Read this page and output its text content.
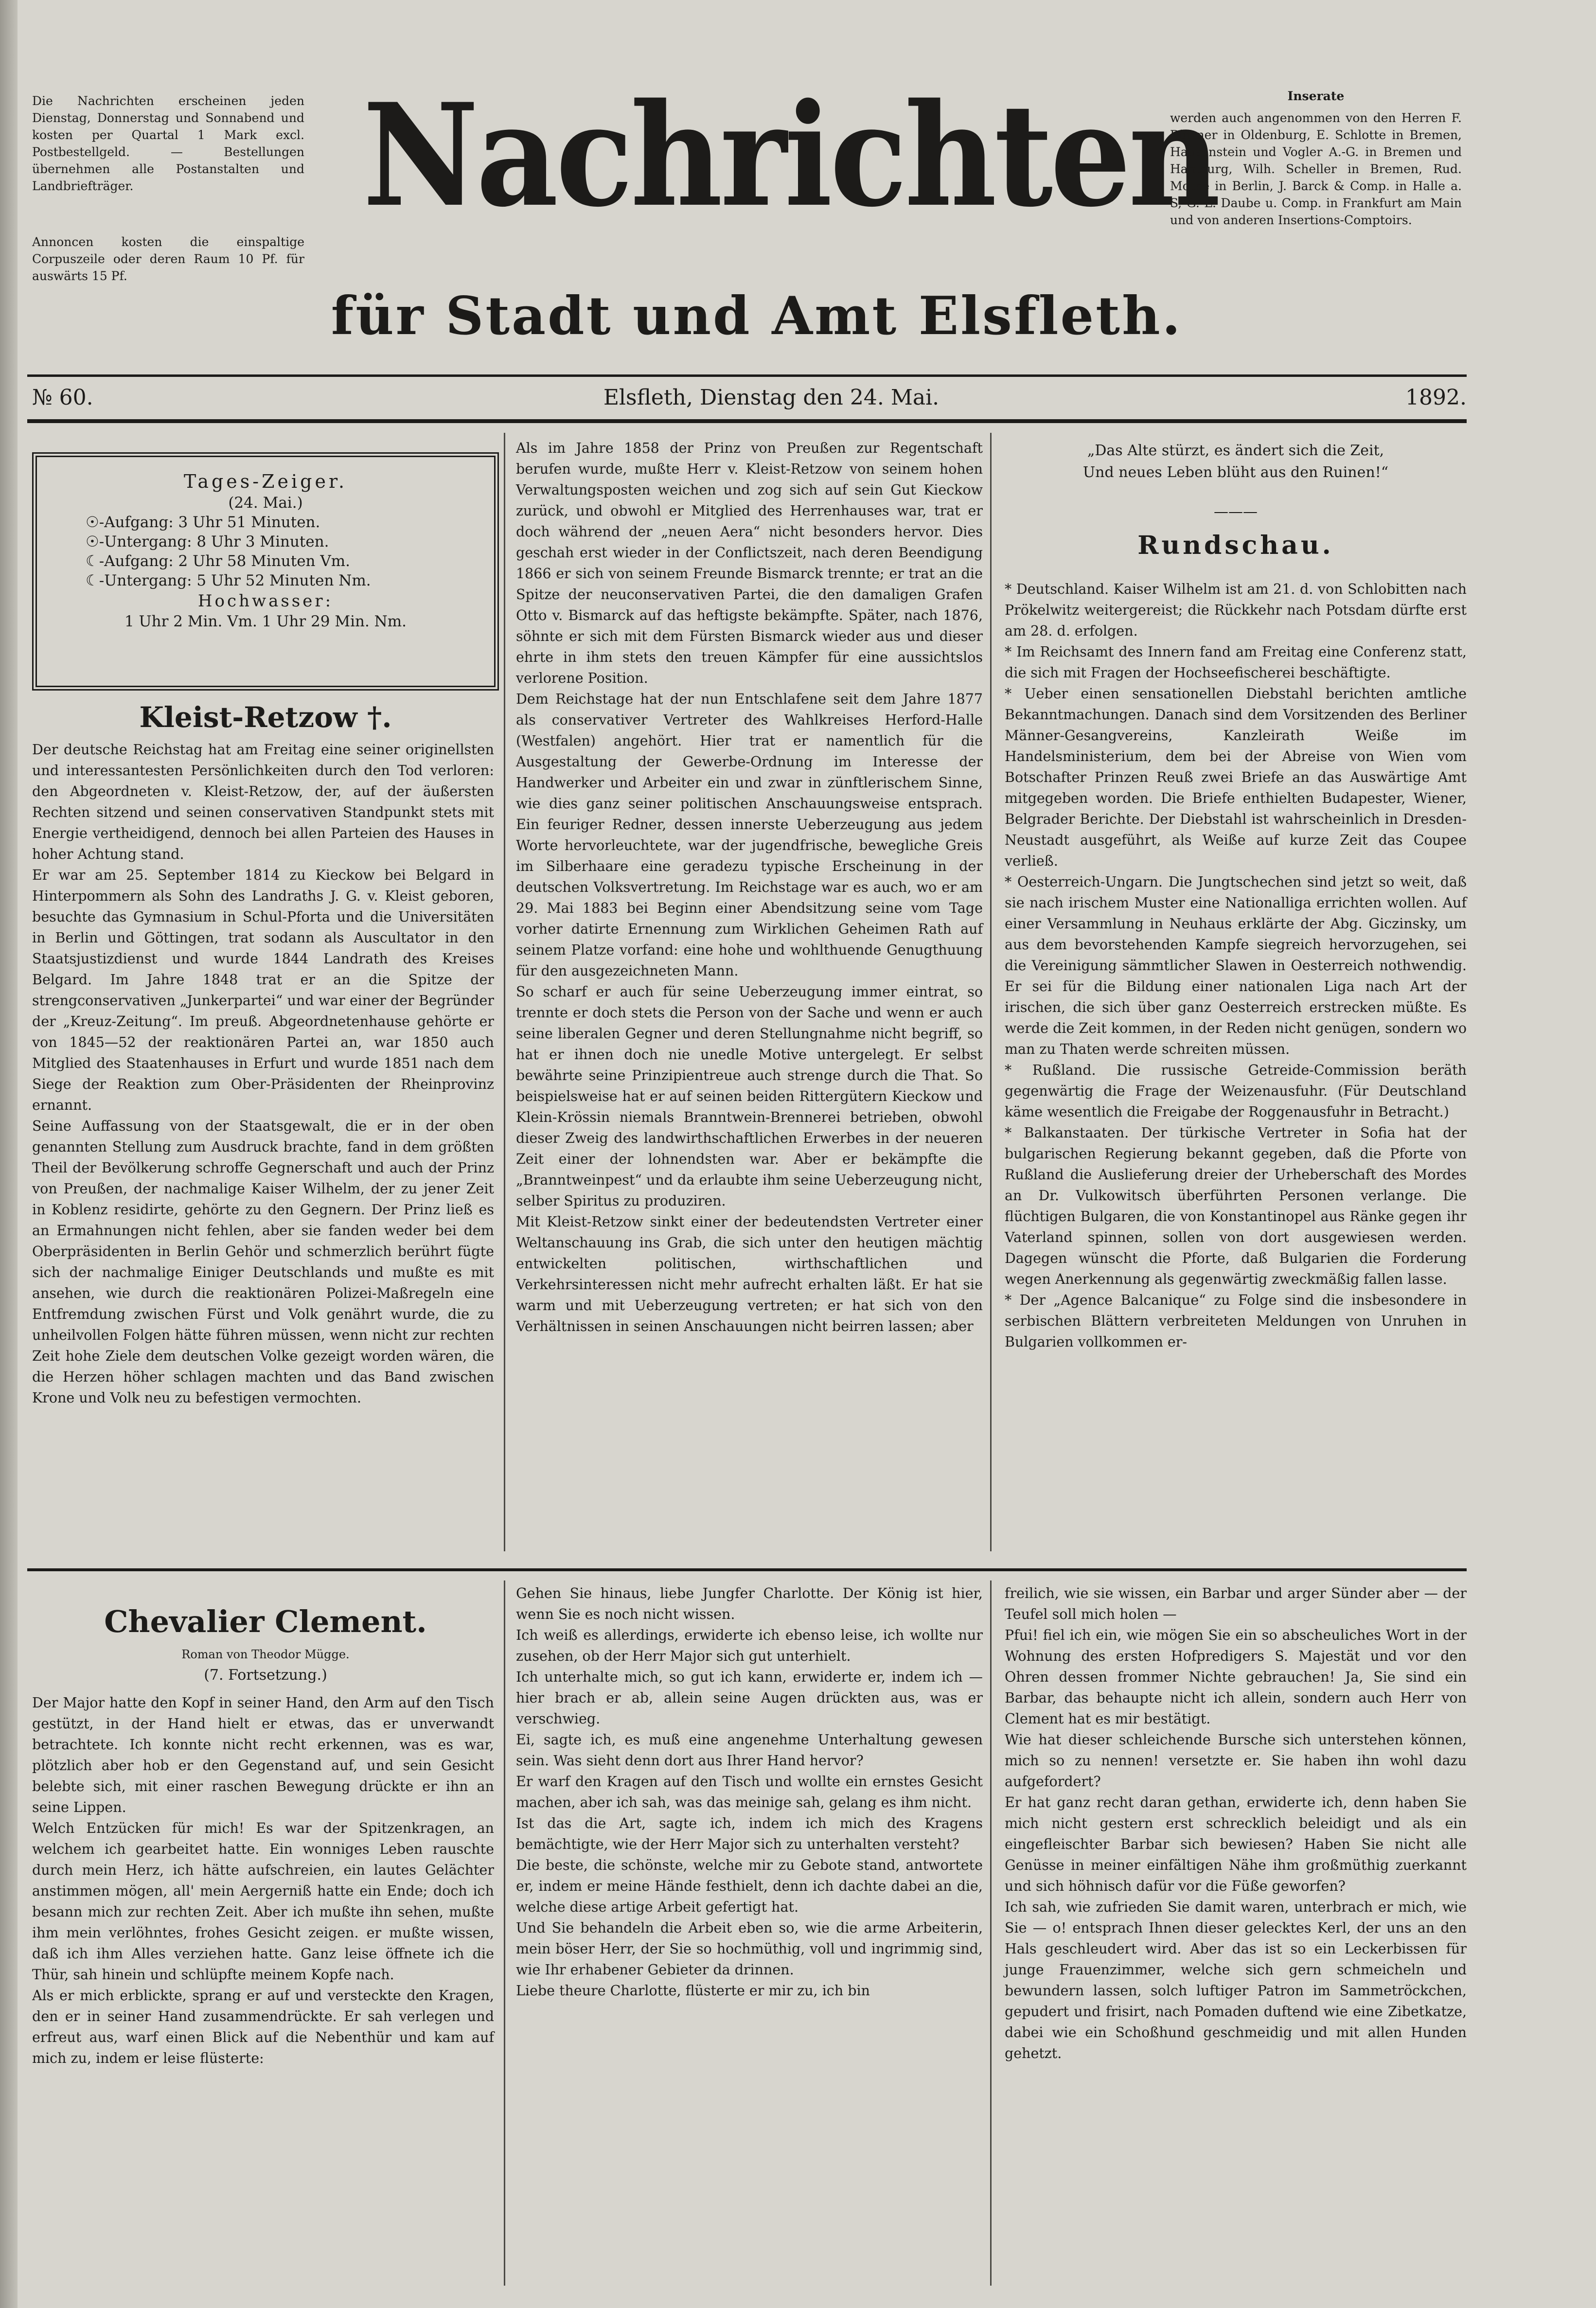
Die Nachrichten erscheinen jeden Dienstag, Donnerstag und Sonnabend und kosten per Quartal 1 Mark excl. Postbestellgeld. — Bestellungen übernehmen alle Postanstalten und Landbriefträger.
Annoncen kosten die einspaltige Corpuszeile oder deren Raum 10 Pf. für auswärts 15 Pf.
Nachrichten
für Stadt und Amt Elsfleth.
Inserate
werden auch angenommen von den Herren F. Büttner in Oldenburg, E. Schlotte in Bremen, Haasenstein und Vogler A.-G. in Bremen und Hamburg, Wilh. Scheller in Bremen, Rud. Mosse in Berlin, J. Barck & Comp. in Halle a. S, G. L. Daube u. Comp. in Frankfurt am Main und von anderen Insertions-Comptoirs.
№ 60.	Elsfleth, Dienstag den 24. Mai.	1892.
Tages-Zeiger.
(24. Mai.)
☉-Aufgang: 3 Uhr 51 Minuten.
☉-Untergang: 8 Uhr 3 Minuten.
☾-Aufgang: 2 Uhr 58 Minuten Vm.
☾-Untergang: 5 Uhr 52 Minuten Nm.
Hochwasser:
1 Uhr 2 Min. Vm. 1 Uhr 29 Min. Nm.
Kleist-Retzow †.
Der deutsche Reichstag hat am Freitag eine seiner originellsten und interessantesten Persönlichkeiten durch den Tod verloren: den Abgeordneten v. Kleist-Retzow, der, auf der äußersten Rechten sitzend und seinen conservativen Standpunkt stets mit Energie vertheidigend, dennoch bei allen Parteien des Hauses in hoher Achtung stand.
Er war am 25. September 1814 zu Kieckow bei Belgard in Hinterpommern als Sohn des Landraths J. G. v. Kleist geboren, besuchte das Gymnasium in Schul-Pforta und die Universitäten in Berlin und Göttingen, trat sodann als Auscultator in den Staatsjustizdienst und wurde 1844 Landrath des Kreises Belgard. Im Jahre 1848 trat er an die Spitze der strengconservativen „Junkerpartei“ und war einer der Begründer der „Kreuz-Zeitung“. Im preuß. Abgeordnetenhause gehörte er von 1845—52 der reaktionären Partei an, war 1850 auch Mitglied des Staatenhauses in Erfurt und wurde 1851 nach dem Siege der Reaktion zum Ober-Präsidenten der Rheinprovinz ernannt.
Seine Auffassung von der Staatsgewalt, die er in der oben genannten Stellung zum Ausdruck brachte, fand in dem größten Theil der Bevölkerung schroffe Gegnerschaft und auch der Prinz von Preußen, der nachmalige Kaiser Wilhelm, der zu jener Zeit in Koblenz residirte, gehörte zu den Gegnern. Der Prinz ließ es an Ermahnungen nicht fehlen, aber sie fanden weder bei dem Oberpräsidenten in Berlin Gehör und schmerzlich berührt fügte sich der nachmalige Einiger Deutschlands und mußte es mit ansehen, wie durch die reaktionären Polizei-Maßregeln eine Entfremdung zwischen Fürst und Volk genährt wurde, die zu unheilvollen Folgen hätte führen müssen, wenn nicht zur rechten Zeit hohe Ziele dem deutschen Volke gezeigt worden wären, die die Herzen höher schlagen machten und das Band zwischen Krone und Volk neu zu befestigen vermochten.
Als im Jahre 1858 der Prinz von Preußen zur Regentschaft berufen wurde, mußte Herr v. Kleist-Retzow von seinem hohen Verwaltungsposten weichen und zog sich auf sein Gut Kieckow zurück, und obwohl er Mitglied des Herrenhauses war, trat er doch während der „neuen Aera“ nicht besonders hervor. Dies geschah erst wieder in der Conflictszeit, nach deren Beendigung 1866 er sich von seinem Freunde Bismarck trennte; er trat an die Spitze der neuconservativen Partei, die den damaligen Grafen Otto v. Bismarck auf das heftigste bekämpfte. Später, nach 1876, söhnte er sich mit dem Fürsten Bismarck wieder aus und dieser ehrte in ihm stets den treuen Kämpfer für eine aussichtslos verlorene Position.
Dem Reichstage hat der nun Entschlafene seit dem Jahre 1877 als conservativer Vertreter des Wahlkreises Herford-Halle (Westfalen) angehört. Hier trat er namentlich für die Ausgestaltung der Gewerbe-Ordnung im Interesse der Handwerker und Arbeiter ein und zwar in zünftlerischem Sinne, wie dies ganz seiner politischen Anschauungsweise entsprach. Ein feuriger Redner, dessen innerste Ueberzeugung aus jedem Worte hervorleuchtete, war der jugendfrische, bewegliche Greis im Silberhaare eine geradezu typische Erscheinung in der deutschen Volksvertretung. Im Reichstage war es auch, wo er am 29. Mai 1883 bei Beginn einer Abendsitzung seine vom Tage vorher datirte Ernennung zum Wirklichen Geheimen Rath auf seinem Platze vorfand: eine hohe und wohlthuende Genugthuung für den ausgezeichneten Mann.
So scharf er auch für seine Ueberzeugung immer eintrat, so trennte er doch stets die Person von der Sache und wenn er auch seine liberalen Gegner und deren Stellungnahme nicht begriff, so hat er ihnen doch nie unedle Motive untergelegt. Er selbst bewährte seine Prinzipientreue auch strenge durch die That. So beispielsweise hat er auf seinen beiden Rittergütern Kieckow und Klein-Krössin niemals Branntwein-Brennerei betrieben, obwohl dieser Zweig des landwirthschaftlichen Erwerbes in der neueren Zeit einer der lohnendsten war. Aber er bekämpfte die „Branntweinpest“ und da erlaubte ihm seine Ueberzeugung nicht, selber Spiritus zu produziren.
Mit Kleist-Retzow sinkt einer der bedeutendsten Vertreter einer Weltanschauung ins Grab, die sich unter den heutigen mächtig entwickelten politischen, wirthschaftlichen und Verkehrsinteressen nicht mehr aufrecht erhalten läßt. Er hat sie warm und mit Ueberzeugung vertreten; er hat sich von den Verhältnissen in seinen Anschauungen nicht beirren lassen; aber
„Das Alte stürzt, es ändert sich die Zeit,
Und neues Leben blüht aus den Ruinen!“
———
Rundschau.
* Deutschland. Kaiser Wilhelm ist am 21. d. von Schlobitten nach Prökelwitz weitergereist; die Rückkehr nach Potsdam dürfte erst am 28. d. erfolgen.
* Im Reichsamt des Innern fand am Freitag eine Conferenz statt, die sich mit Fragen der Hochseefischerei beschäftigte.
* Ueber einen sensationellen Diebstahl berichten amtliche Bekanntmachungen. Danach sind dem Vorsitzenden des Berliner Männer-Gesangvereins, Kanzleirath Weiße im Handelsministerium, dem bei der Abreise von Wien vom Botschafter Prinzen Reuß zwei Briefe an das Auswärtige Amt mitgegeben worden. Die Briefe enthielten Budapester, Wiener, Belgrader Berichte. Der Diebstahl ist wahrscheinlich in Dresden-Neustadt ausgeführt, als Weiße auf kurze Zeit das Coupee verließ.
* Oesterreich-Ungarn. Die Jungtschechen sind jetzt so weit, daß sie nach irischem Muster eine Nationalliga errichten wollen. Auf einer Versammlung in Neuhaus erklärte der Abg. Giczinsky, um aus dem bevorstehenden Kampfe siegreich hervorzugehen, sei die Vereinigung sämmtlicher Slawen in Oesterreich nothwendig. Er sei für die Bildung einer nationalen Liga nach Art der irischen, die sich über ganz Oesterreich erstrecken müßte. Es werde die Zeit kommen, in der Reden nicht genügen, sondern wo man zu Thaten werde schreiten müssen.
* Rußland. Die russische Getreide-Commission beräth gegenwärtig die Frage der Weizenausfuhr. (Für Deutschland käme wesentlich die Freigabe der Roggenausfuhr in Betracht.)
* Balkanstaaten. Der türkische Vertreter in Sofia hat der bulgarischen Regierung bekannt gegeben, daß die Pforte von Rußland die Auslieferung dreier der Urheberschaft des Mordes an Dr. Vulkowitsch überführten Personen verlange. Die flüchtigen Bulgaren, die von Konstantinopel aus Ränke gegen ihr Vaterland spinnen, sollen von dort ausgewiesen werden. Dagegen wünscht die Pforte, daß Bulgarien die Forderung wegen Anerkennung als gegenwärtig zweckmäßig fallen lasse.
* Der „Agence Balcanique“ zu Folge sind die insbesondere in serbischen Blättern verbreiteten Meldungen von Unruhen in Bulgarien vollkommen er-
Chevalier Clement.
Roman von Theodor Mügge.
(7. Fortsetzung.)
Der Major hatte den Kopf in seiner Hand, den Arm auf den Tisch gestützt, in der Hand hielt er etwas, das er unverwandt betrachtete. Ich konnte nicht recht erkennen, was es war, plötzlich aber hob er den Gegenstand auf, und sein Gesicht belebte sich, mit einer raschen Bewegung drückte er ihn an seine Lippen.
Welch Entzücken für mich! Es war der Spitzenkragen, an welchem ich gearbeitet hatte. Ein wonniges Leben rauschte durch mein Herz, ich hätte aufschreien, ein lautes Gelächter anstimmen mögen, all' mein Aergerniß hatte ein Ende; doch ich besann mich zur rechten Zeit. Aber ich mußte ihn sehen, mußte ihm mein verlöhntes, frohes Gesicht zeigen. er mußte wissen, daß ich ihm Alles verziehen hatte. Ganz leise öffnete ich die Thür, sah hinein und schlüpfte meinem Kopfe nach.
Als er mich erblickte, sprang er auf und versteckte den Kragen, den er in seiner Hand zusammendrückte. Er sah verlegen und erfreut aus, warf einen Blick auf die Nebenthür und kam auf mich zu, indem er leise flüsterte:
Gehen Sie hinaus, liebe Jungfer Charlotte. Der König ist hier, wenn Sie es noch nicht wissen.
Ich weiß es allerdings, erwiderte ich ebenso leise, ich wollte nur zusehen, ob der Herr Major sich gut unterhielt.
Ich unterhalte mich, so gut ich kann, erwiderte er, indem ich — hier brach er ab, allein seine Augen drückten aus, was er verschwieg.
Ei, sagte ich, es muß eine angenehme Unterhaltung gewesen sein. Was sieht denn dort aus Ihrer Hand hervor?
Er warf den Kragen auf den Tisch und wollte ein ernstes Gesicht machen, aber ich sah, was das meinige sah, gelang es ihm nicht.
Ist das die Art, sagte ich, indem ich mich des Kragens bemächtigte, wie der Herr Major sich zu unterhalten versteht?
Die beste, die schönste, welche mir zu Gebote stand, antwortete er, indem er meine Hände festhielt, denn ich dachte dabei an die, welche diese artige Arbeit gefertigt hat.
Und Sie behandeln die Arbeit eben so, wie die arme Arbeiterin, mein böser Herr, der Sie so hochmüthig, voll und ingrimmig sind, wie Ihr erhabener Gebieter da drinnen.
Liebe theure Charlotte, flüsterte er mir zu, ich bin
freilich, wie sie wissen, ein Barbar und arger Sünder aber — der Teufel soll mich holen —
Pfui! fiel ich ein, wie mögen Sie ein so abscheuliches Wort in der Wohnung des ersten Hofpredigers S. Majestät und vor den Ohren dessen frommer Nichte gebrauchen! Ja, Sie sind ein Barbar, das behaupte nicht ich allein, sondern auch Herr von Clement hat es mir bestätigt.
Wie hat dieser schleichende Bursche sich unterstehen können, mich so zu nennen! versetzte er. Sie haben ihn wohl dazu aufgefordert?
Er hat ganz recht daran gethan, erwiderte ich, denn haben Sie mich nicht gestern erst schrecklich beleidigt und als ein eingefleischter Barbar sich bewiesen? Haben Sie nicht alle Genüsse in meiner einfältigen Nähe ihm großmüthig zuerkannt und sich höhnisch dafür vor die Füße geworfen?
Ich sah, wie zufrieden Sie damit waren, unterbrach er mich, wie Sie — o! entsprach Ihnen dieser gelecktes Kerl, der uns an den Hals geschleudert wird. Aber das ist so ein Leckerbissen für junge Frauenzimmer, welche sich gern schmeicheln und bewundern lassen, solch luftiger Patron im Sammetröckchen, gepudert und frisirt, nach Pomaden duftend wie eine Zibetkatze, dabei wie ein Schoßhund geschmeidig und mit allen Hunden gehetzt.
